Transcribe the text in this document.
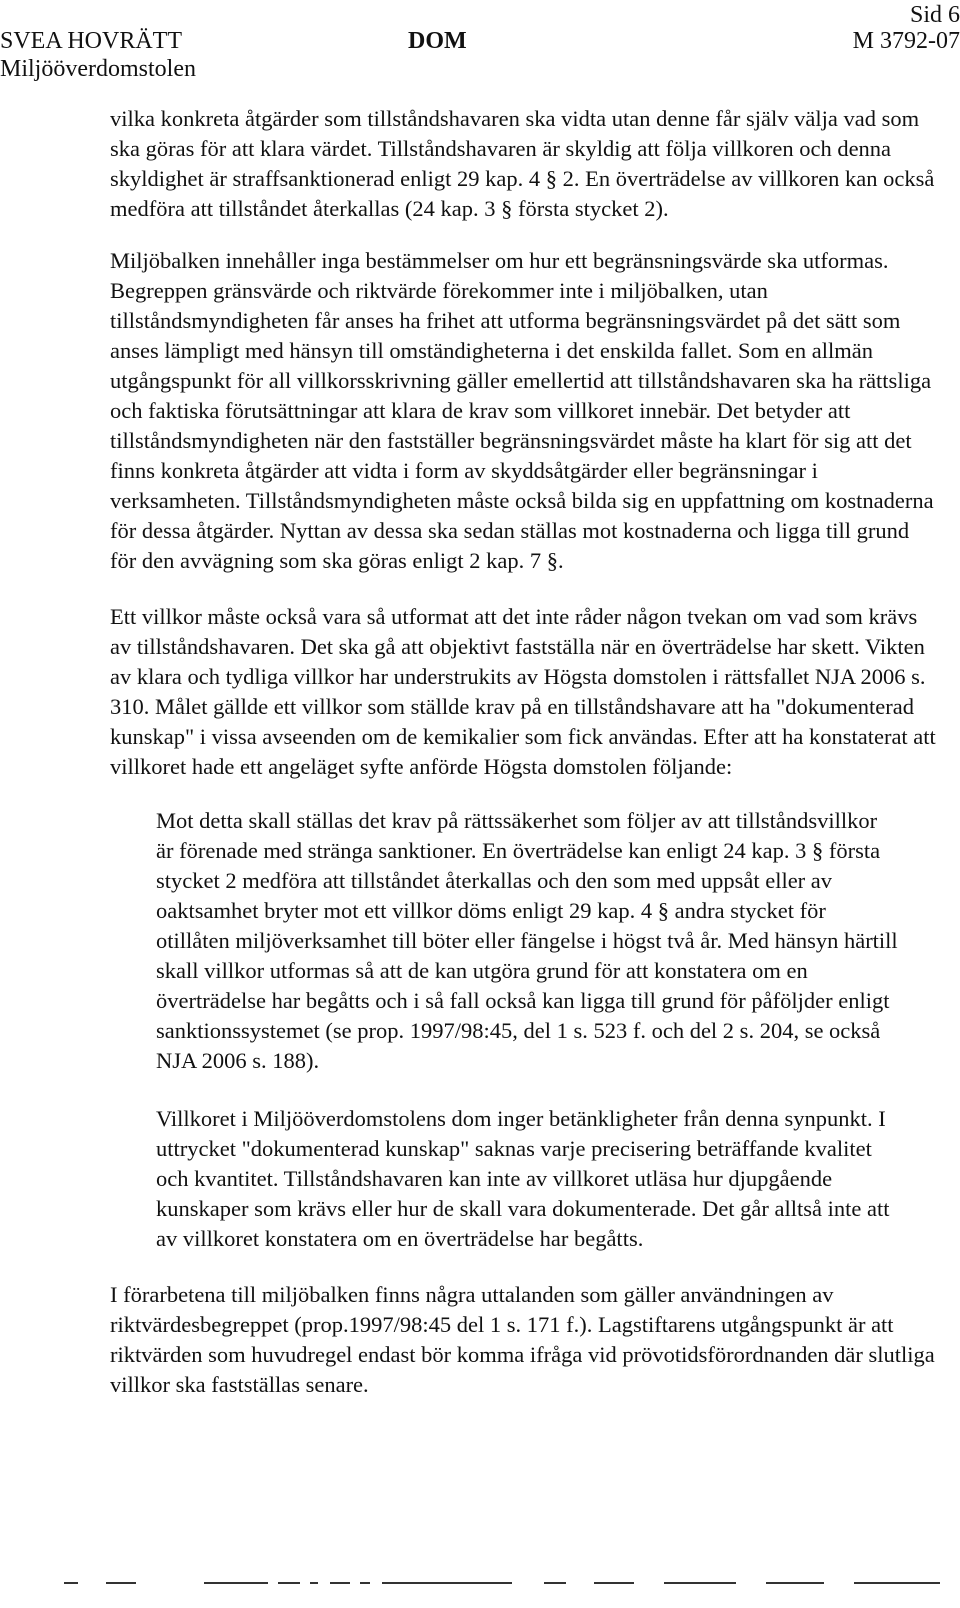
SVEA HOVRÄTT
Miljööverdomstolen
DOM
Sid 6
M 3792-07

vilka konkreta åtgärder som tillståndshavaren ska vidta utan denne får själv välja vad som ska göras för att klara värdet. Tillståndshavaren är skyldig att följa villkoren och denna skyldighet är straffsanktionerad enligt 29 kap. 4 § 2. En överträdelse av villkoren kan också medföra att tillståndet återkallas (24 kap. 3 § första stycket 2).

Miljöbalken innehåller inga bestämmelser om hur ett begränsningsvärde ska utformas. Begreppen gränsvärde och riktvärde förekommer inte i miljöbalken, utan tillståndsmyndigheten får anses ha frihet att utforma begränsningsvärdet på det sätt som anses lämpligt med hänsyn till omständigheterna i det enskilda fallet. Som en allmän utgångspunkt för all villkorsskrivning gäller emellertid att tillståndshavaren ska ha rättsliga och faktiska förutsättningar att klara de krav som villkoret innebär. Det betyder att tillståndsmyndigheten när den fastställer begränsningsvärdet måste ha klart för sig att det finns konkreta åtgärder att vidta i form av skyddsåtgärder eller begränsningar i verksamheten. Tillståndsmyndigheten måste också bilda sig en uppfattning om kostnaderna för dessa åtgärder. Nyttan av dessa ska sedan ställas mot kostnaderna och ligga till grund för den avvägning som ska göras enligt 2 kap. 7 §.

Ett villkor måste också vara så utformat att det inte råder någon tvekan om vad som krävs av tillståndshavaren. Det ska gå att objektivt fastställa när en överträdelse har skett. Vikten av klara och tydliga villkor har understrukits av Högsta domstolen i rättsfallet NJA 2006 s. 310. Målet gällde ett villkor som ställde krav på en tillståndshavare att ha "dokumenterad kunskap" i vissa avseenden om de kemikalier som fick användas. Efter att ha konstaterat att villkoret hade ett angeläget syfte anförde Högsta domstolen följande:

Mot detta skall ställas det krav på rättssäkerhet som följer av att tillståndsvillkor är förenade med stränga sanktioner. En överträdelse kan enligt 24 kap. 3 § första stycket 2 medföra att tillståndet återkallas och den som med uppsåt eller av oaktsamhet bryter mot ett villkor döms enligt 29 kap. 4 § andra stycket för otillåten miljöverksamhet till böter eller fängelse i högst två år. Med hänsyn härtill skall villkor utformas så att de kan utgöra grund för att konstatera om en överträdelse har begåtts och i så fall också kan ligga till grund för påföljder enligt sanktionssystemet (se prop. 1997/98:45, del 1 s. 523 f. och del 2 s. 204, se också NJA 2006 s. 188).

Villkoret i Miljööverdomstolens dom inger betänkligheter från denna synpunkt. I uttrycket "dokumenterad kunskap" saknas varje precisering beträffande kvalitet och kvantitet. Tillståndshavaren kan inte av villkoret utläsa hur djupgående kunskaper som krävs eller hur de skall vara dokumenterade. Det går alltså inte att av villkoret konstatera om en överträdelse har begåtts.

I förarbetena till miljöbalken finns några uttalanden som gäller användningen av riktvärdesbegreppet (prop.1997/98:45 del 1 s. 171 f.). Lagstiftarens utgångspunkt är att riktvärden som huvudregel endast bör komma ifråga vid prövotidsförordnanden där slutliga villkor ska fastställas senare.
